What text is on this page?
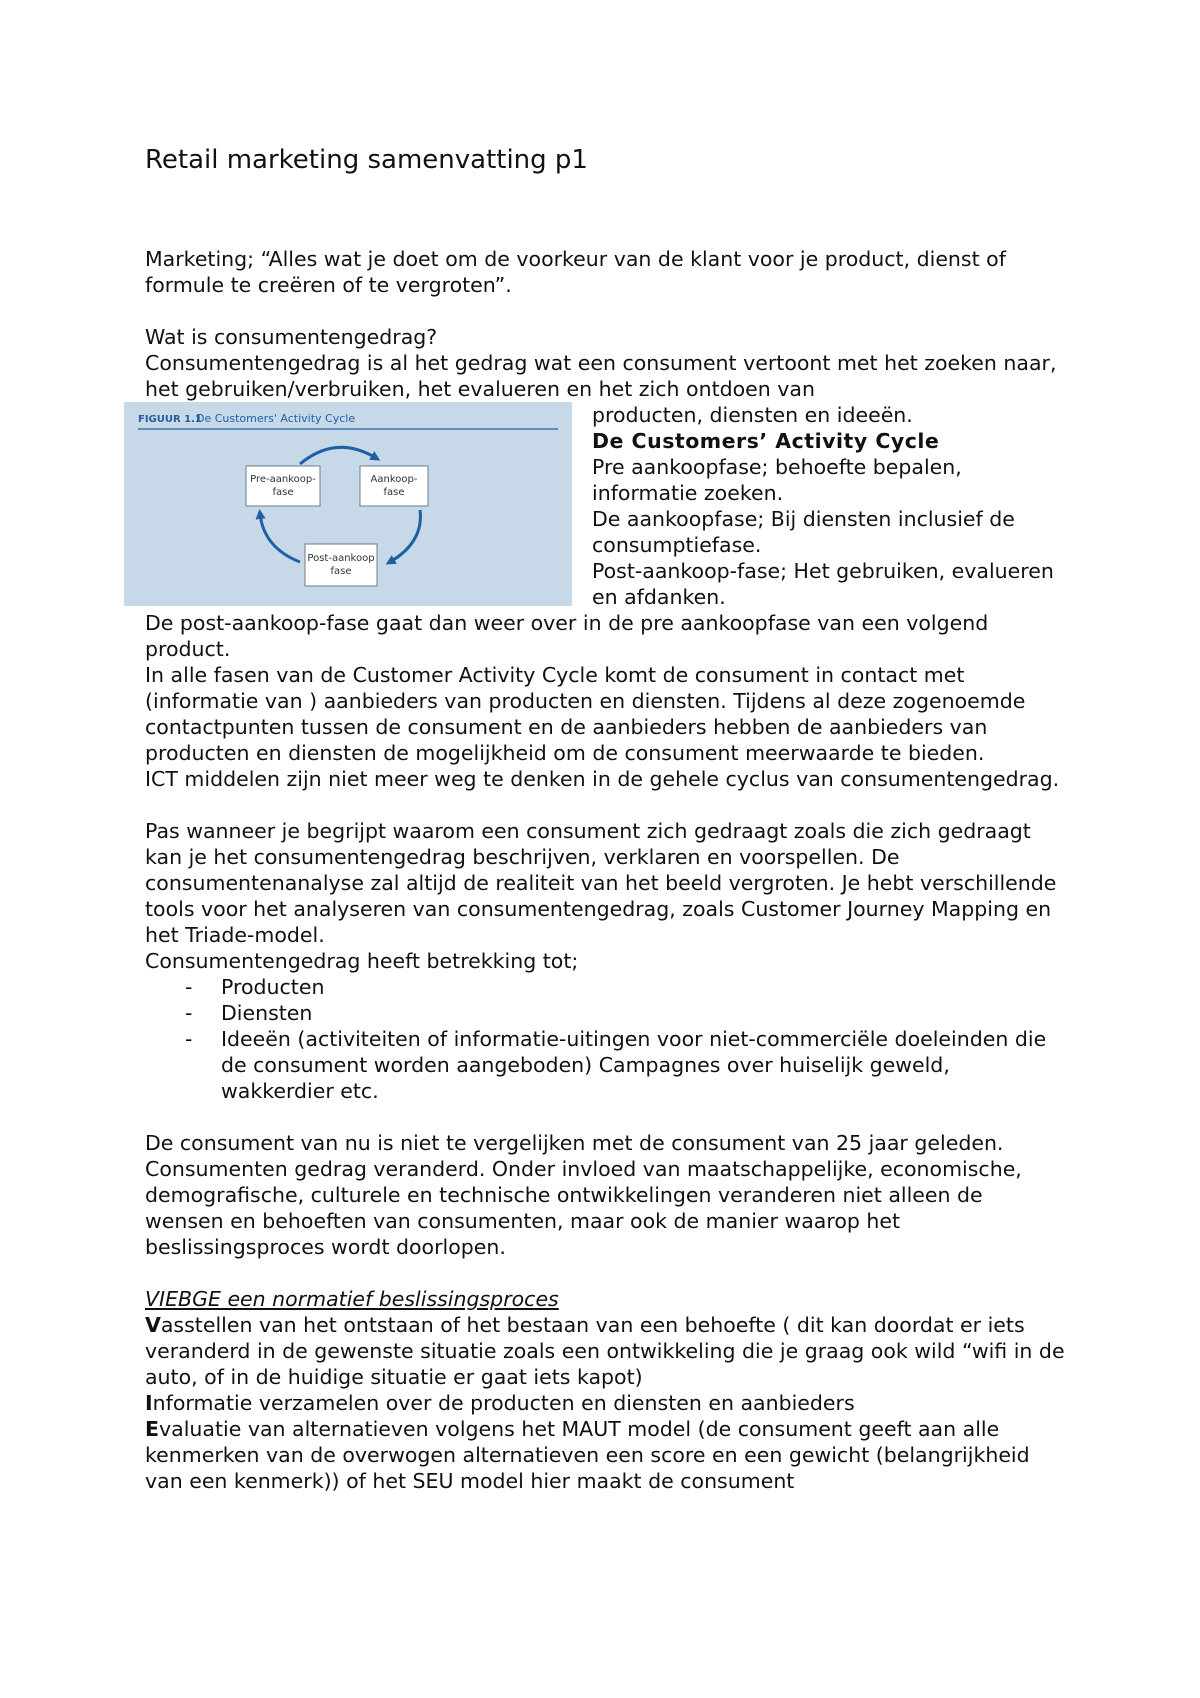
Retail marketing samenvatting p1

Marketing; “Alles wat je doet om de voorkeur van de klant voor je product, dienst of formule te creëren of te vergroten”.

Wat is consumentengedrag?

Consumentengedrag is al het gedrag wat een consument vertoont met het zoeken naar, het gebruiken/verbruiken, het evalueren en het zich ontdoen van

FIGUUR 1.1
De Customers' Activity Cycle
Pre-aankoop-
fase
Aankoop-
fase
Post-aankoop
fase

producten, diensten en ideeën.

De Customers’ Activity Cycle

Pre aankoopfase; behoefte bepalen, informatie zoeken.

De aankoopfase; Bij diensten inclusief de consumptiefase.

Post-aankoop-fase; Het gebruiken, evalueren en afdanken.

De post-aankoop-fase gaat dan weer over in de pre aankoopfase van een volgend product.

In alle fasen van de Customer Activity Cycle komt de consument in contact met (informatie van ) aanbieders van producten en diensten. Tijdens al deze zogenoemde contactpunten tussen de consument en de aanbieders hebben de aanbieders van producten en diensten de mogelijkheid om de consument meerwaarde te bieden.

ICT middelen zijn niet meer weg te denken in de gehele cyclus van consumentengedrag.

Pas wanneer je begrijpt waarom een consument zich gedraagt zoals die zich gedraagt kan je het consumentengedrag beschrijven, verklaren en voorspellen. De consumentenanalyse zal altijd de realiteit van het beeld vergroten. Je hebt verschillende tools voor het analyseren van consumentengedrag, zoals Customer Journey Mapping en het Triade-model.

Consumentengedrag heeft betrekking tot;

- Producten
- Diensten
- Ideeën (activiteiten of informatie-uitingen voor niet-commerciële doeleinden die de consument worden aangeboden) Campagnes over huiselijk geweld, wakkerdier etc.

De consument van nu is niet te vergelijken met de consument van 25 jaar geleden. Consumenten gedrag veranderd. Onder invloed van maatschappelijke, economische, demografische, culturele en technische ontwikkelingen veranderen niet alleen de wensen en behoeften van consumenten, maar ook de manier waarop het beslissingsproces wordt doorlopen.

VIEBGE een normatief beslissingsproces

Vasstellen van het ontstaan of het bestaan van een behoefte ( dit kan doordat er iets veranderd in de gewenste situatie zoals een ontwikkeling die je graag ook wild “wifi in de auto, of in de huidige situatie er gaat iets kapot)

Informatie verzamelen over de producten en diensten en aanbieders

Evaluatie van alternatieven volgens het MAUT model (de consument geeft aan alle kenmerken van de overwogen alternatieven een score en een gewicht (belangrijkheid van een kenmerk)) of het SEU model hier maakt de consument
